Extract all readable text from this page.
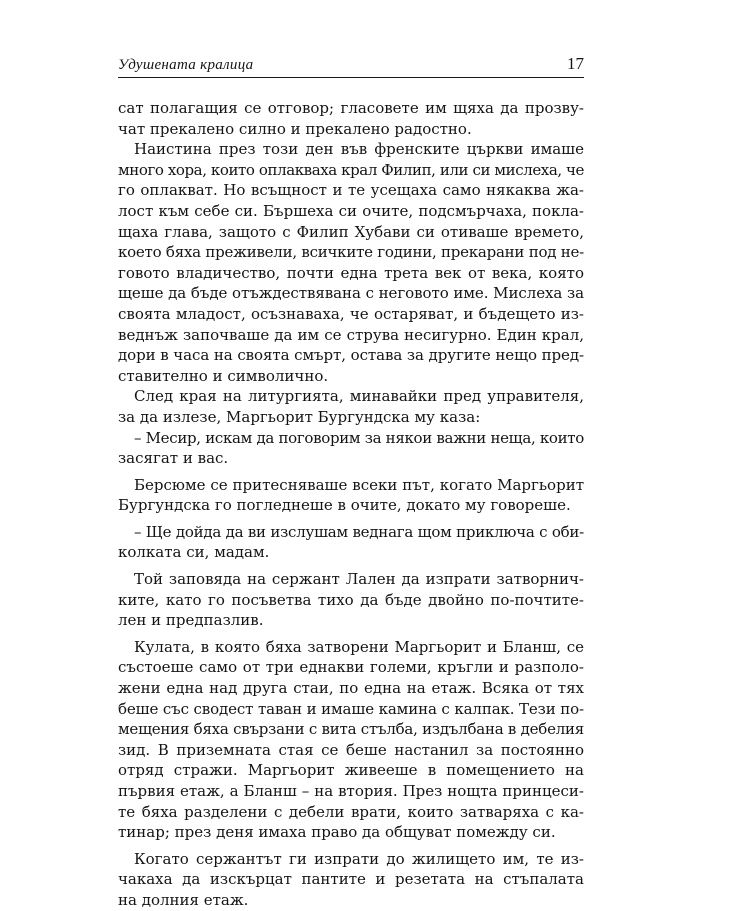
Удушената кралица	17

сат полагащия се отговор; гласовете им щяха да прозву-
чат прекалено силно и прекалено радостно.

Наистина през този ден във френските църкви имаше
много хора, които оплакваха крал Филип, или си мислеха, че
го оплакват. Но всъщност и те усещаха само някаква жа-
лост към себе си. Бършеха си очите, подсмърчаха, покла-
щаха глава, защото с Филип Хубави си отиваше времето,
което бяха преживели, всичките години, прекарани под не-
говото владичество, почти една трета век от века, която
щеше да бъде отъждествявана с неговото име. Мислеха за
своята младост, осъзнаваха, че остаряват, и бъдещето из-
веднъж започваше да им се струва несигурно. Един крал,
дори в часа на своята смърт, остава за другите нещо пред-
ставително и символично.

След края на литургията, минавайки пред управителя,
за да излезе, Маргьорит Бургундска му каза:

– Месир, искам да поговорим за някои важни неща, които
засягат и вас.

Берсюме се притесняваше всеки път, когато Маргьорит
Бургундска го погледнеше в очите, докато му говореше.

– Ще дойда да ви изслушам веднага щом приключа с оби-
колката си, мадам.

Той заповяда на сержант Лален да изпрати затворнич-
ките, като го посъветва тихо да бъде двойно по-почтите-
лен и предпазлив.

Кулата, в която бяха затворени Маргьорит и Бланш, се
състоеше само от три еднакви големи, кръгли и разполо-
жени една над друга стаи, по една на етаж. Всяка от тях
беше със сводест таван и имаше камина с калпак. Тези по-
мещения бяха свързани с вита стълба, издълбана в дебелия
зид. В приземната стая се беше настанил за постоянно
отряд стражи. Маргьорит живееше в помещението на
първия етаж, а Бланш – на втория. През нощта принцеси-
те бяха разделени с дебели врати, които затваряха с ка-
тинар; през деня имаха право да общуват помежду си.

Когато сержантът ги изпрати до жилището им, те из-
чакаха да изскърцат пантите и резетата на стъпалата
на долния етаж.
